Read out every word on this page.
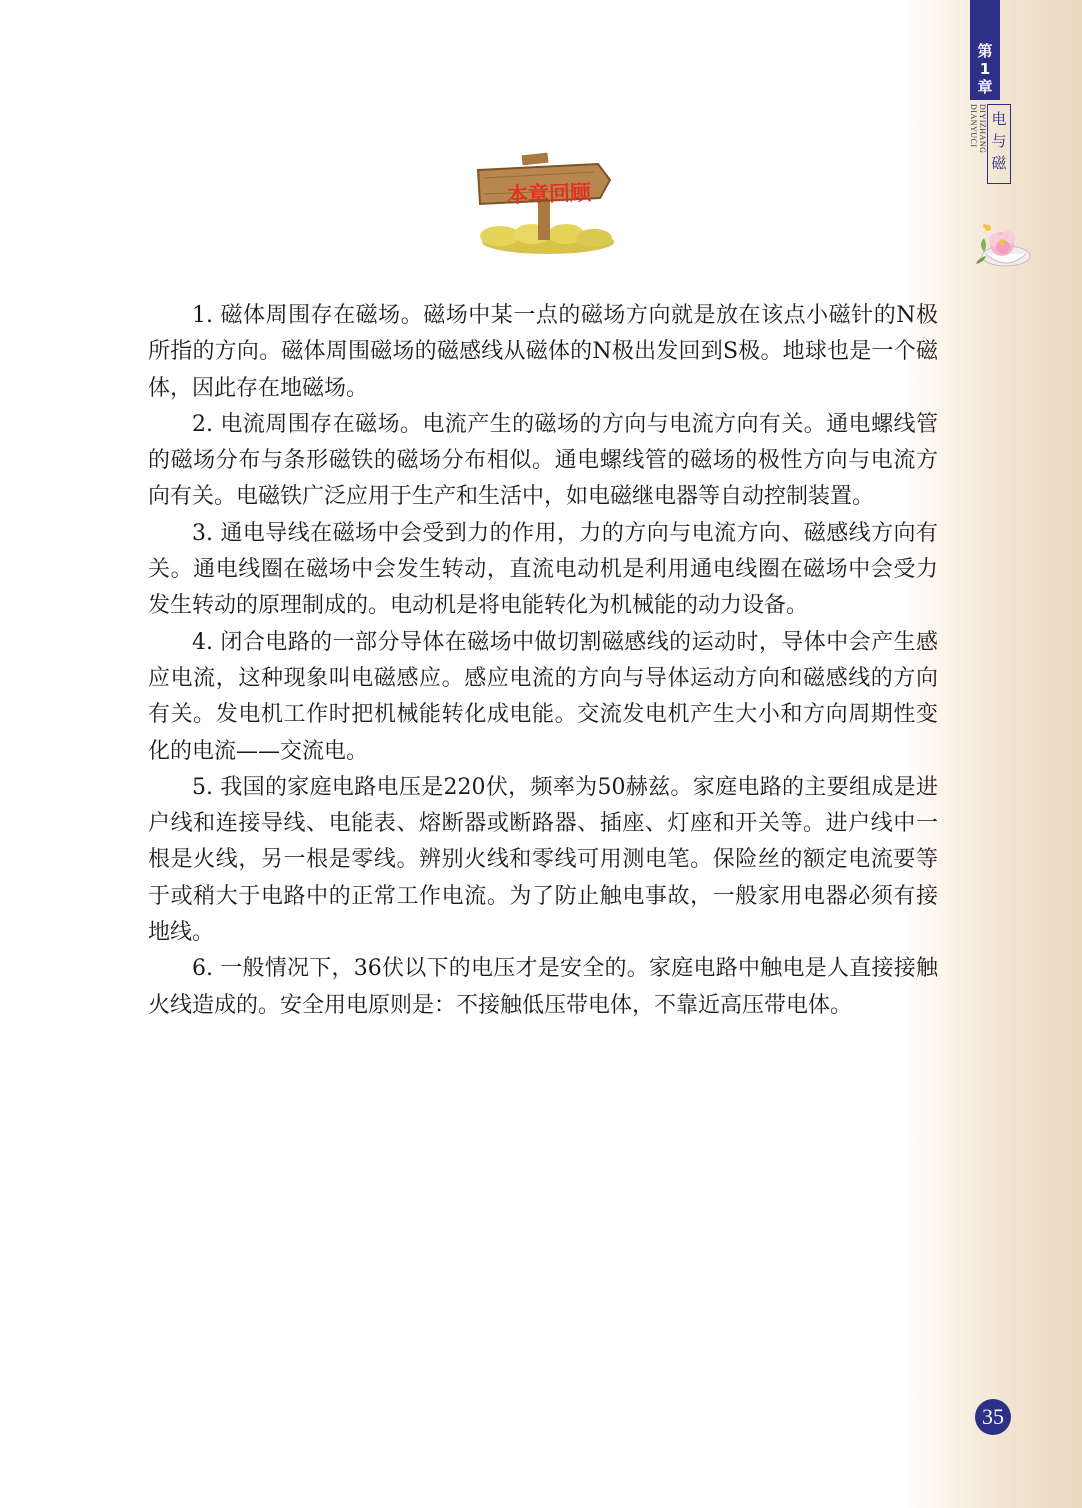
第
1
章
DIYIZHANG DIANYUCI 电
与
磁
本章回顾

1. 磁体周围存在磁场。磁场中某一点的磁场方向就是放在该点小磁针的N极所指的方向。磁体周围磁场的磁感线从磁体的N极出发回到S极。地球也是一个磁体，因此存在地磁场。

2. 电流周围存在磁场。电流产生的磁场的方向与电流方向有关。通电螺线管的磁场分布与条形磁铁的磁场分布相似。通电螺线管的磁场的极性方向与电流方向有关。电磁铁广泛应用于生产和生活中，如电磁继电器等自动控制装置。

3. 通电导线在磁场中会受到力的作用，力的方向与电流方向、磁感线方向有关。通电线圈在磁场中会发生转动，直流电动机是利用通电线圈在磁场中会受力发生转动的原理制成的。电动机是将电能转化为机械能的动力设备。

4. 闭合电路的一部分导体在磁场中做切割磁感线的运动时，导体中会产生感应电流，这种现象叫电磁感应。感应电流的方向与导体运动方向和磁感线的方向有关。发电机工作时把机械能转化成电能。交流发电机产生大小和方向周期性变化的电流——交流电。

5. 我国的家庭电路电压是220伏，频率为50赫兹。家庭电路的主要组成是进户线和连接导线、电能表、熔断器或断路器、插座、灯座和开关等。进户线中一根是火线，另一根是零线。辨别火线和零线可用测电笔。保险丝的额定电流要等于或稍大于电路中的正常工作电流。为了防止触电事故，一般家用电器必须有接地线。

6. 一般情况下，36伏以下的电压才是安全的。家庭电路中触电是人直接接触火线造成的。安全用电原则是：不接触低压带电体，不靠近高压带电体。

35
